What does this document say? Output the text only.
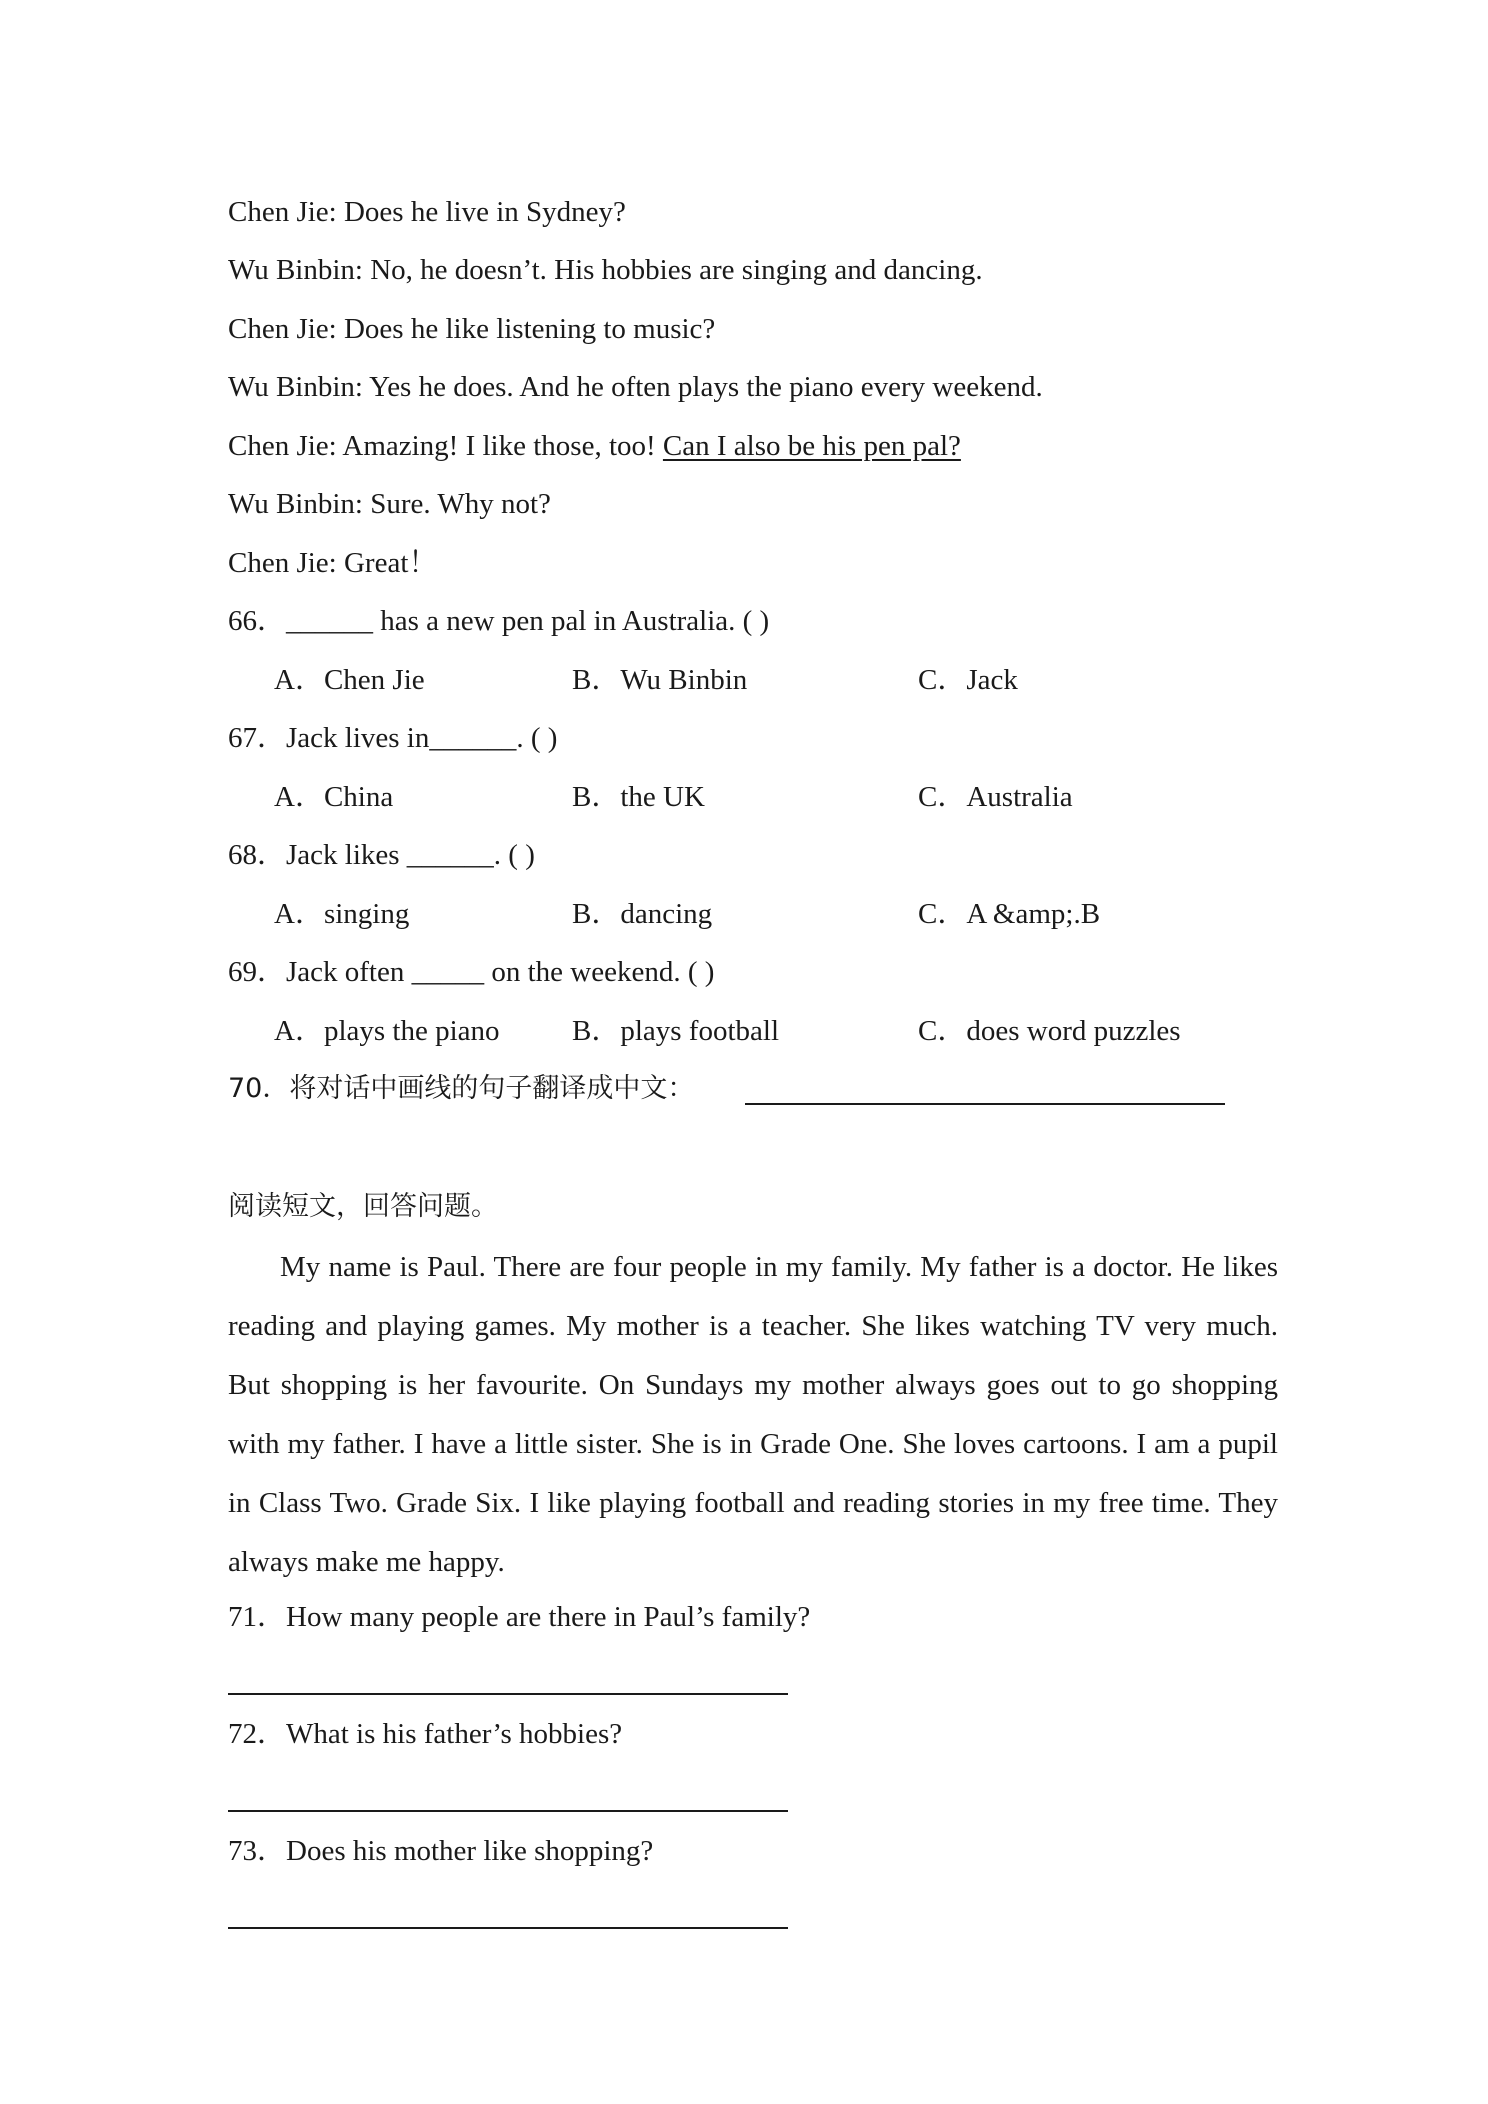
Chen Jie: Does he live in Sydney?
Wu Binbin: No, he doesn’t. His hobbies are singing and dancing.
Chen Jie: Does he like listening to music?
Wu Binbin: Yes he does. And he often plays the piano every weekend.
Chen Jie: Amazing! I like those, too! Can I also be his pen pal?
Wu Binbin: Sure. Why not?
Chen Jie: Great！
66．______ has a new pen pal in Australia. ( )
A．Chen Jie	B．Wu Binbin	C．Jack
67．Jack lives in______. ( )
A．China	B．the UK	C．Australia
68．Jack likes ______. ( )
A．singing	B．dancing	C．A &amp;.B
69．Jack often _____ on the weekend. ( )
A．plays the piano B．plays football	C．does word puzzles
70．将对话中画线的句子翻译成中文：
阅读短文，回答问题。
My name is Paul. There are four people in my family. My father is a doctor. He likes reading and playing games. My mother is a teacher. She likes watching TV very much. But shopping is her favourite. On Sundays my mother always goes out to go shopping with my father. I have a little sister. She is in Grade One. She loves cartoons. I am a pupil in Class Two. Grade Six. I like playing football and reading stories in my free time. They always make me happy.
71．How many people are there in Paul’s family?
72．What is his father’s hobbies?
73．Does his mother like shopping?
